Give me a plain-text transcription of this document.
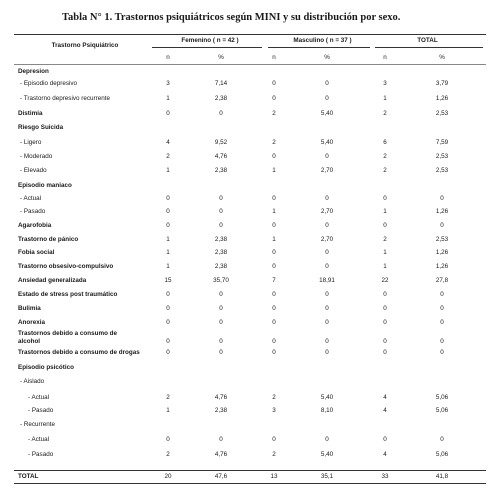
Tabla N° 1. Trastornos psiquiátricos según MINI y su distribución por sexo.
Trastorno Psiquiátrico
Femenino ( n = 42 )	Masculino ( n = 37 )	TOTAL
n	%	n	%	n	%
Depresion
- Episodio depresivo	3	7,14	0	0	3	3,79
- Trastorno depresivo recurrente	1	2,38	0	0	1	1,26
Distimia	0	0	2	5,40	2	2,53
Riesgo Suicida
- Ligero	4	9,52	2	5,40	6	7,59
- Moderado	2	4,76	0	0	2	2,53
- Elevado	1	2,38	1	2,70	2	2,53
Episodio maniaco
- Actual	0	0	0	0	0	0
- Pasado	0	0	1	2,70	1	1,26
Agarofobia	0	0	0	0	0	0
Trastorno de pánico	1	2,38	1	2,70	2	2,53
Fobia social	1	2,38	0	0	1	1,26
Trastorno obsesivo-compulsivo	1	2,38	0	0	1	1,26
Ansiedad generalizada	15	35,70	7	18,91	22	27,8
Estado de stress post traumático	0	0	0	0	0	0
Bulimia	0	0	0	0	0	0
Anorexia	0	0	0	0	0	0
Trastornos debido a consumo de
alcohol	0	0	0	0	0	0
Trastornos debido a consumo de drogas	0	0	0	0	0	0
Episodio psicótico
- Aislado
- Actual	2	4,76	2	5,40	4	5,06
- Pasado	1	2,38	3	8,10	4	5,06
- Recurrente
- Actual	0	0	0	0	0	0
- Pasado	2	4,76	2	5,40	4	5,06
TOTAL	20	47,6	13	35,1	33	41,8
